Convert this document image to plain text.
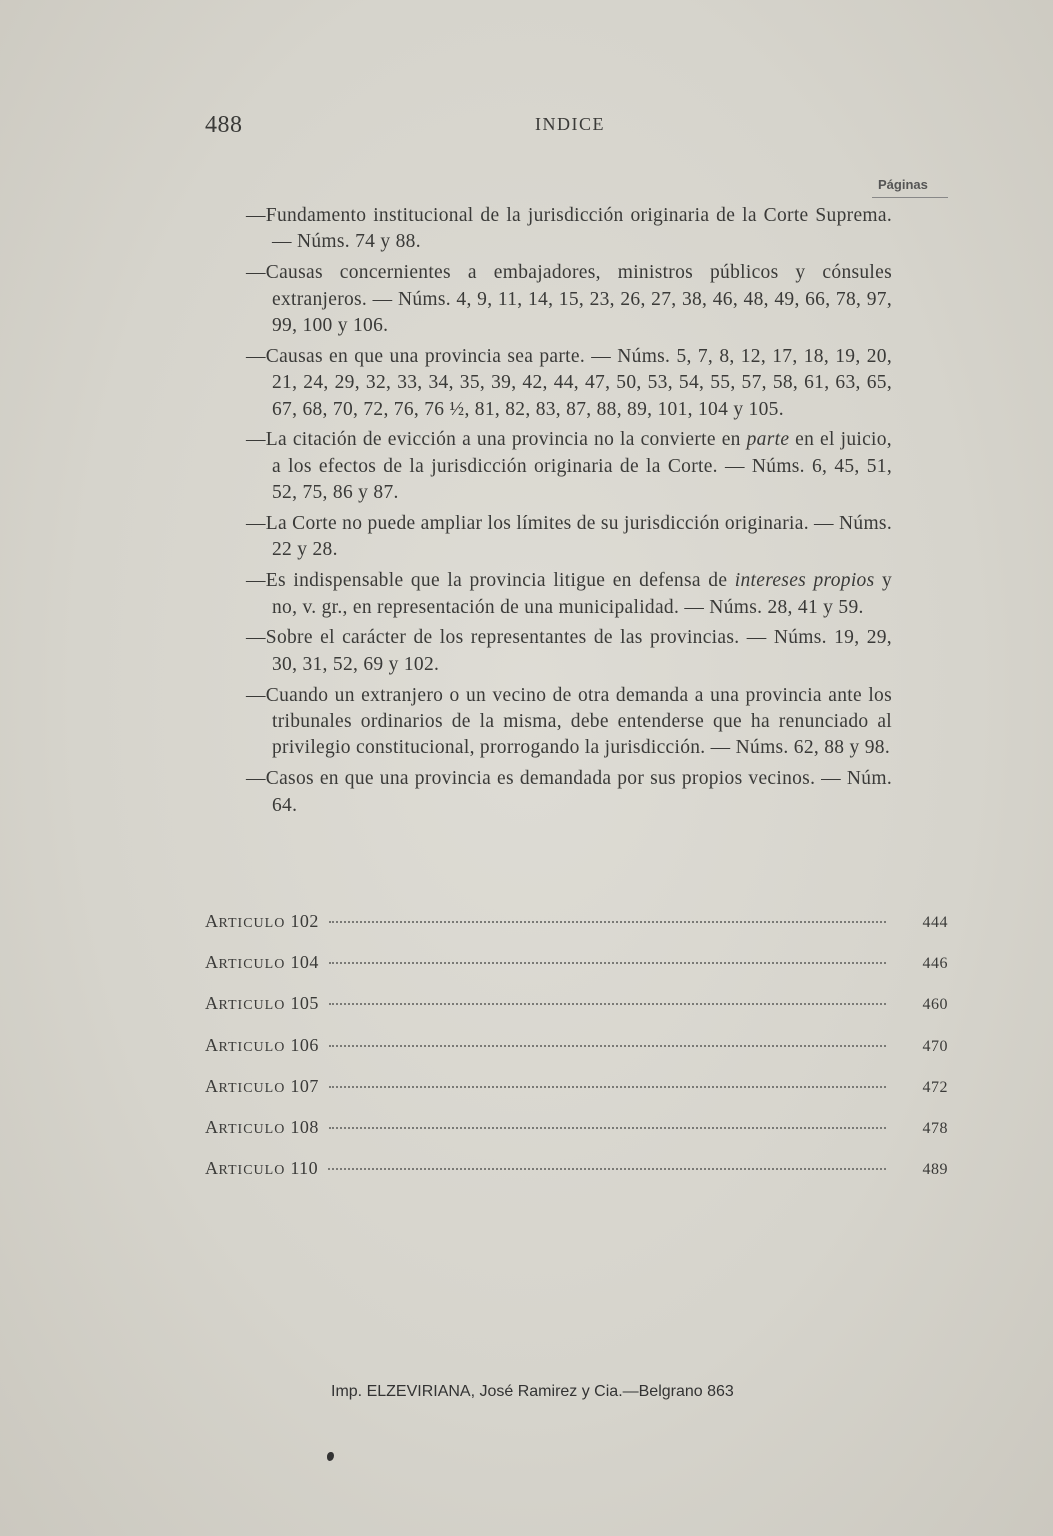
488	INDICE
Páginas

—Fundamento institucional de la jurisdicción originaria de la Corte Suprema. — Núms. 74 y 88.

—Causas concernientes a embajadores, ministros públicos y cónsules extranjeros. — Núms. 4, 9, 11, 14, 15, 23, 26, 27, 38, 46, 48, 49, 66, 78, 97, 99, 100 y 106.

—Causas en que una provincia sea parte. — Núms. 5, 7, 8, 12, 17, 18, 19, 20, 21, 24, 29, 32, 33, 34, 35, 39, 42, 44, 47, 50, 53, 54, 55, 57, 58, 61, 63, 65, 67, 68, 70, 72, 76, 76 ½, 81, 82, 83, 87, 88, 89, 101, 104 y 105.

—La citación de evicción a una provincia no la convierte en parte en el juicio, a los efectos de la jurisdicción originaria de la Corte. — Núms. 6, 45, 51, 52, 75, 86 y 87.

—La Corte no puede ampliar los límites de su jurisdicción originaria. — Núms. 22 y 28.

—Es indispensable que la provincia litigue en defensa de intereses propios y no, v. gr., en representación de una municipalidad. — Núms. 28, 41 y 59.

—Sobre el carácter de los representantes de las provincias. — Núms. 19, 29, 30, 31, 52, 69 y 102.

—Cuando un extranjero o un vecino de otra demanda a una provincia ante los tribunales ordinarios de la misma, debe entenderse que ha renunciado al privilegio constitucional, prorrogando la jurisdicción. — Núms. 62, 88 y 98.

—Casos en que una provincia es demandada por sus propios vecinos. — Núm. 64.

ARTICULO 102	444
ARTICULO 104	446
ARTICULO 105	460
ARTICULO 106	470
ARTICULO 107	472
ARTICULO 108	478
ARTICULO 110	489
Imp. ELZEVIRIANA, José Ramirez y Cia.—Belgrano 863
